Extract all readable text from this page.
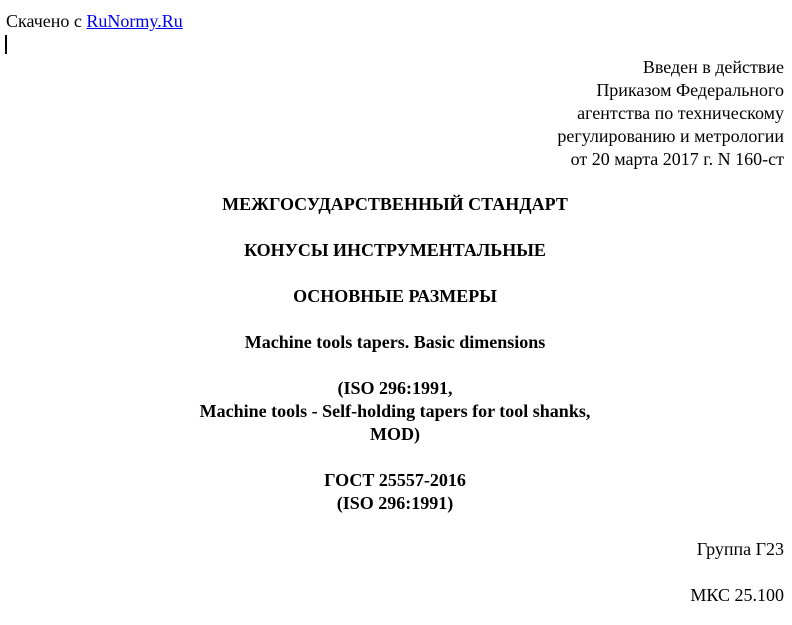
Скачено с RuNormy.Ru
Введен в действие
Приказом Федерального
агентства по техническому
регулированию и метрологии
от 20 марта 2017 г. N 160-ст
МЕЖГОСУДАРСТВЕННЫЙ СТАНДАРТ
КОНУСЫ ИНСТРУМЕНТАЛЬНЫЕ
ОСНОВНЫЕ РАЗМЕРЫ
Machine tools tapers. Basic dimensions
(ISO 296:1991,
Machine tools - Self-holding tapers for tool shanks,
MOD)
ГОСТ 25557-2016
(ISO 296:1991)
Группа Г23
МКС 25.100
